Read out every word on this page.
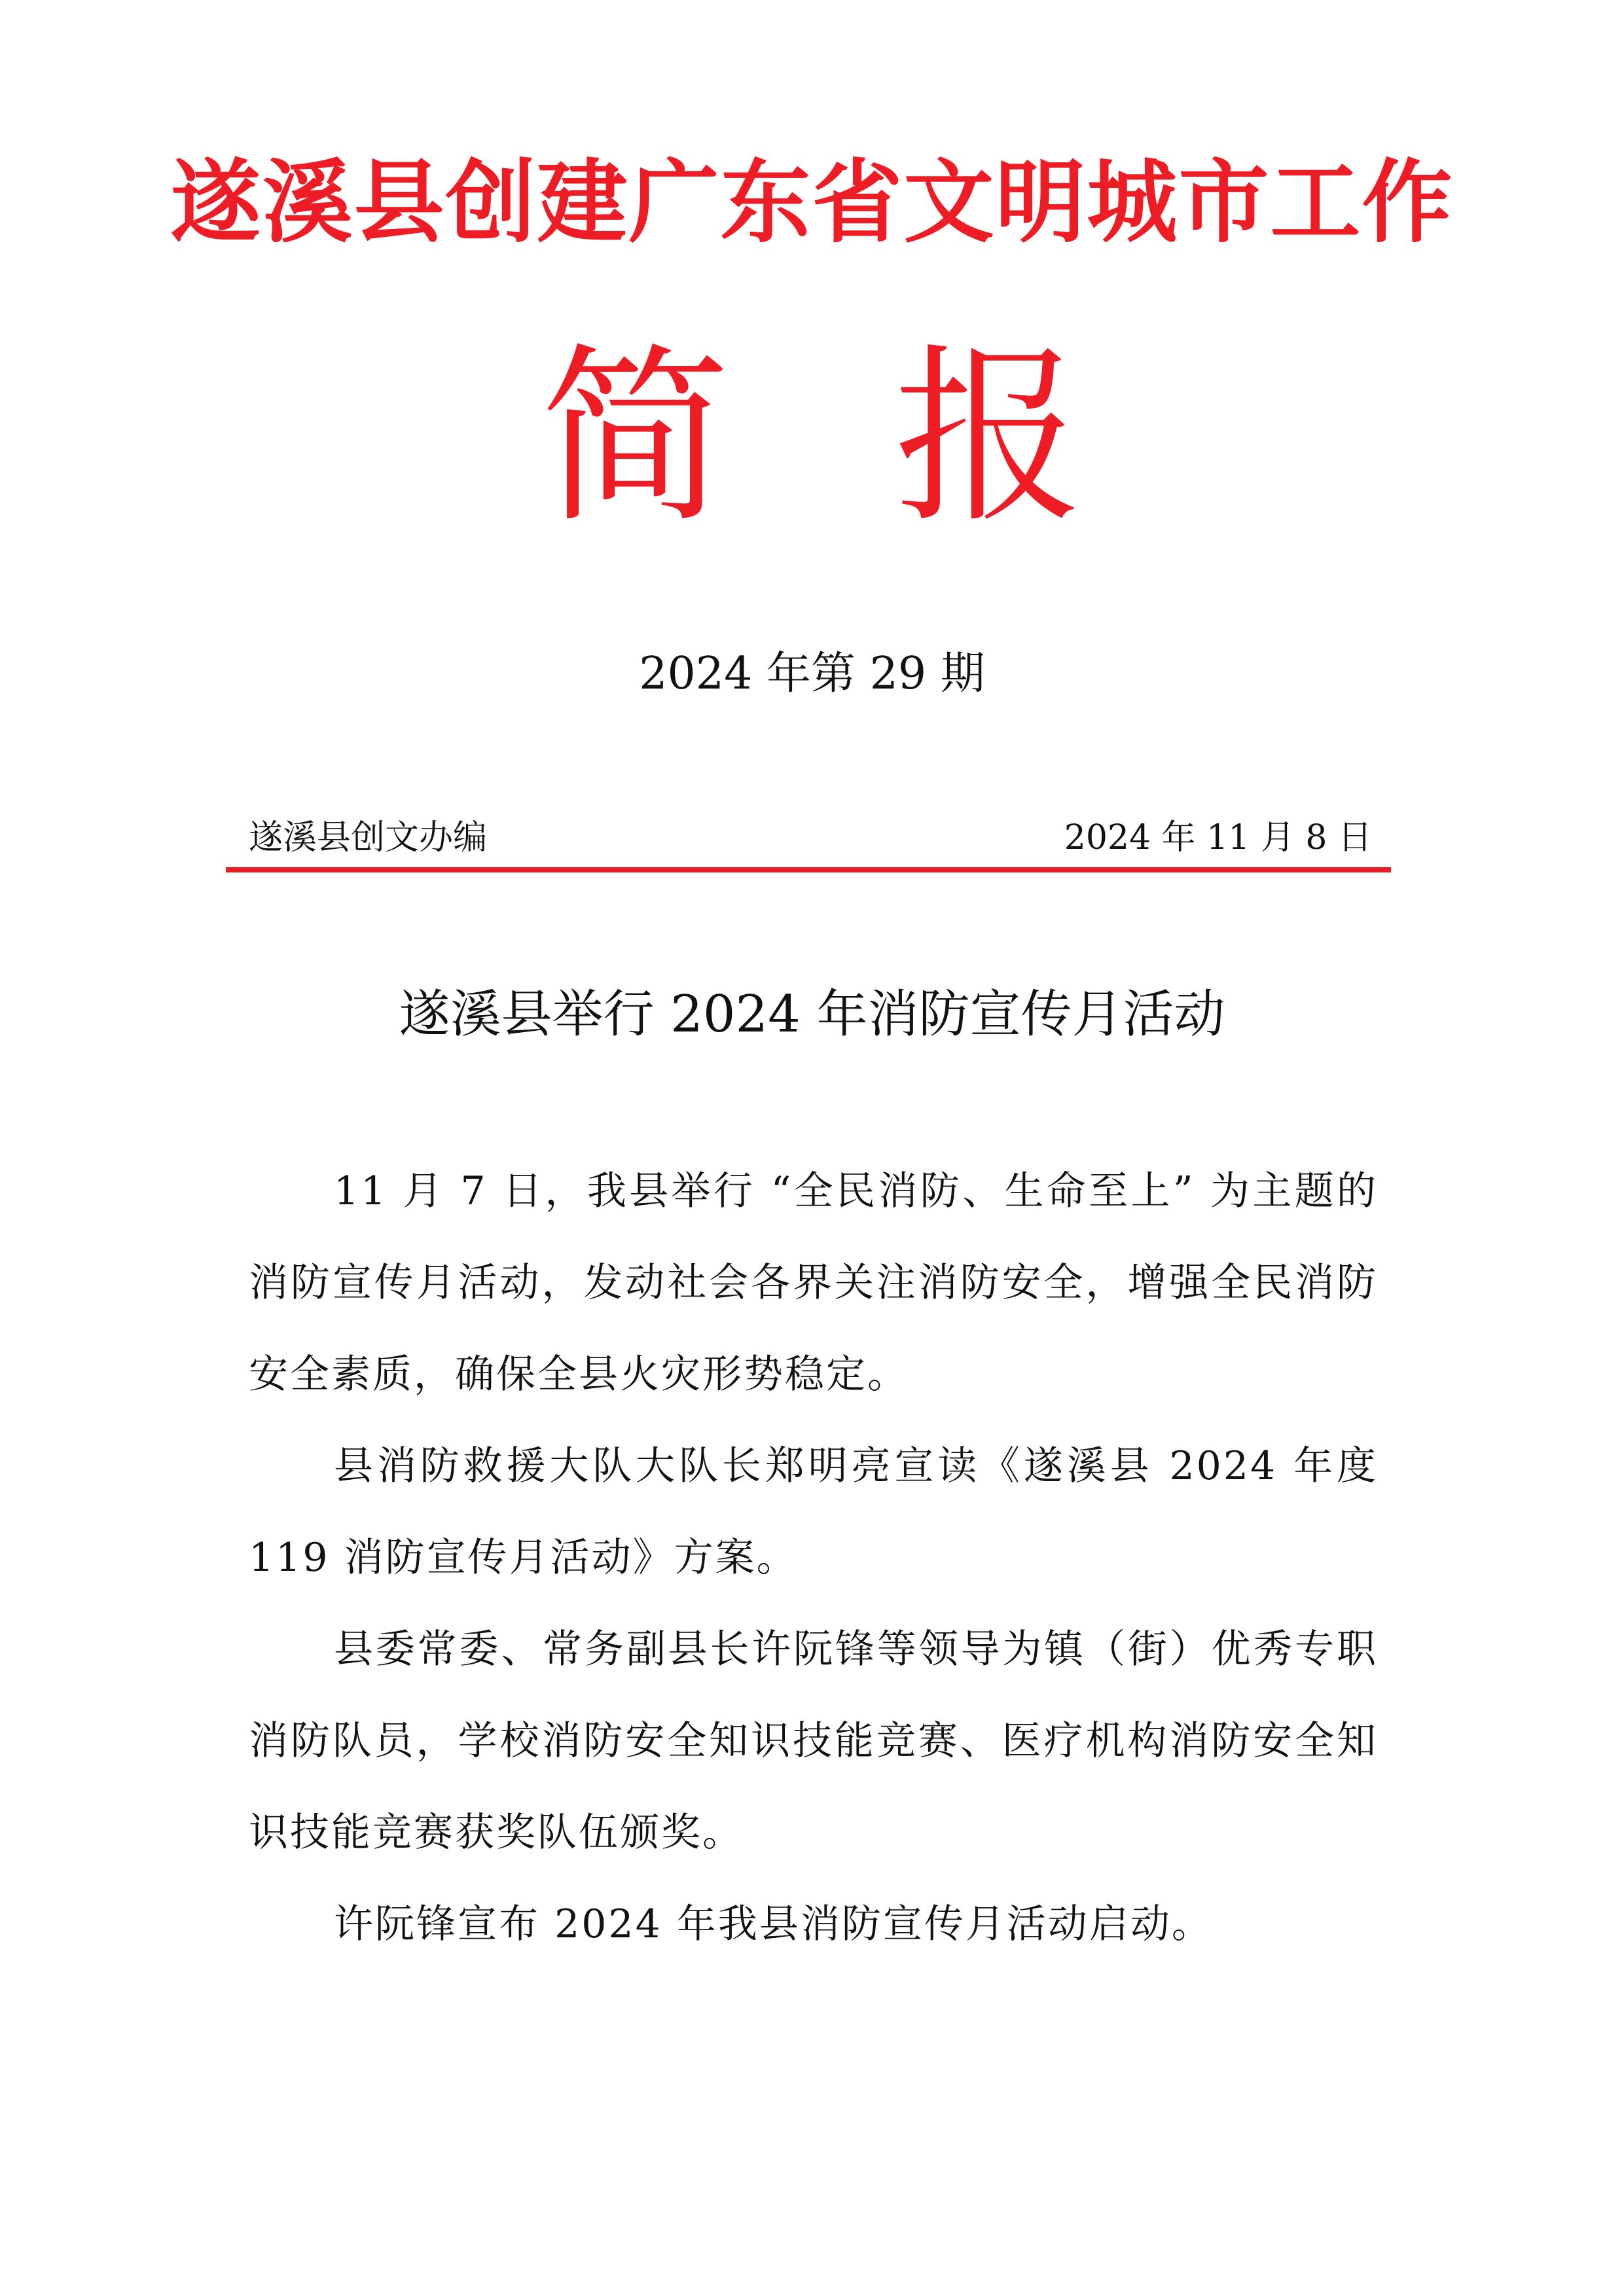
遂溪县创建广东省文明城市工作
简报
2024 年第 29 期
遂溪县创文办编	2024 年 11 月 8 日
遂溪县举行 2024 年消防宣传月活动

11 月 7 日，我县举行 “全民消防、生命至上” 为主题的消防宣传月活动，发动社会各界关注消防安全，增强全民消防安全素质，确保全县火灾形势稳定。

县消防救援大队大队长郑明亮宣读《遂溪县 2024 年度 119 消防宣传月活动》方案。

县委常委、常务副县长许阮锋等领导为镇（街）优秀专职消防队员，学校消防安全知识技能竞赛、医疗机构消防安全知识技能竞赛获奖队伍颁奖。

许阮锋宣布 2024 年我县消防宣传月活动启动。
